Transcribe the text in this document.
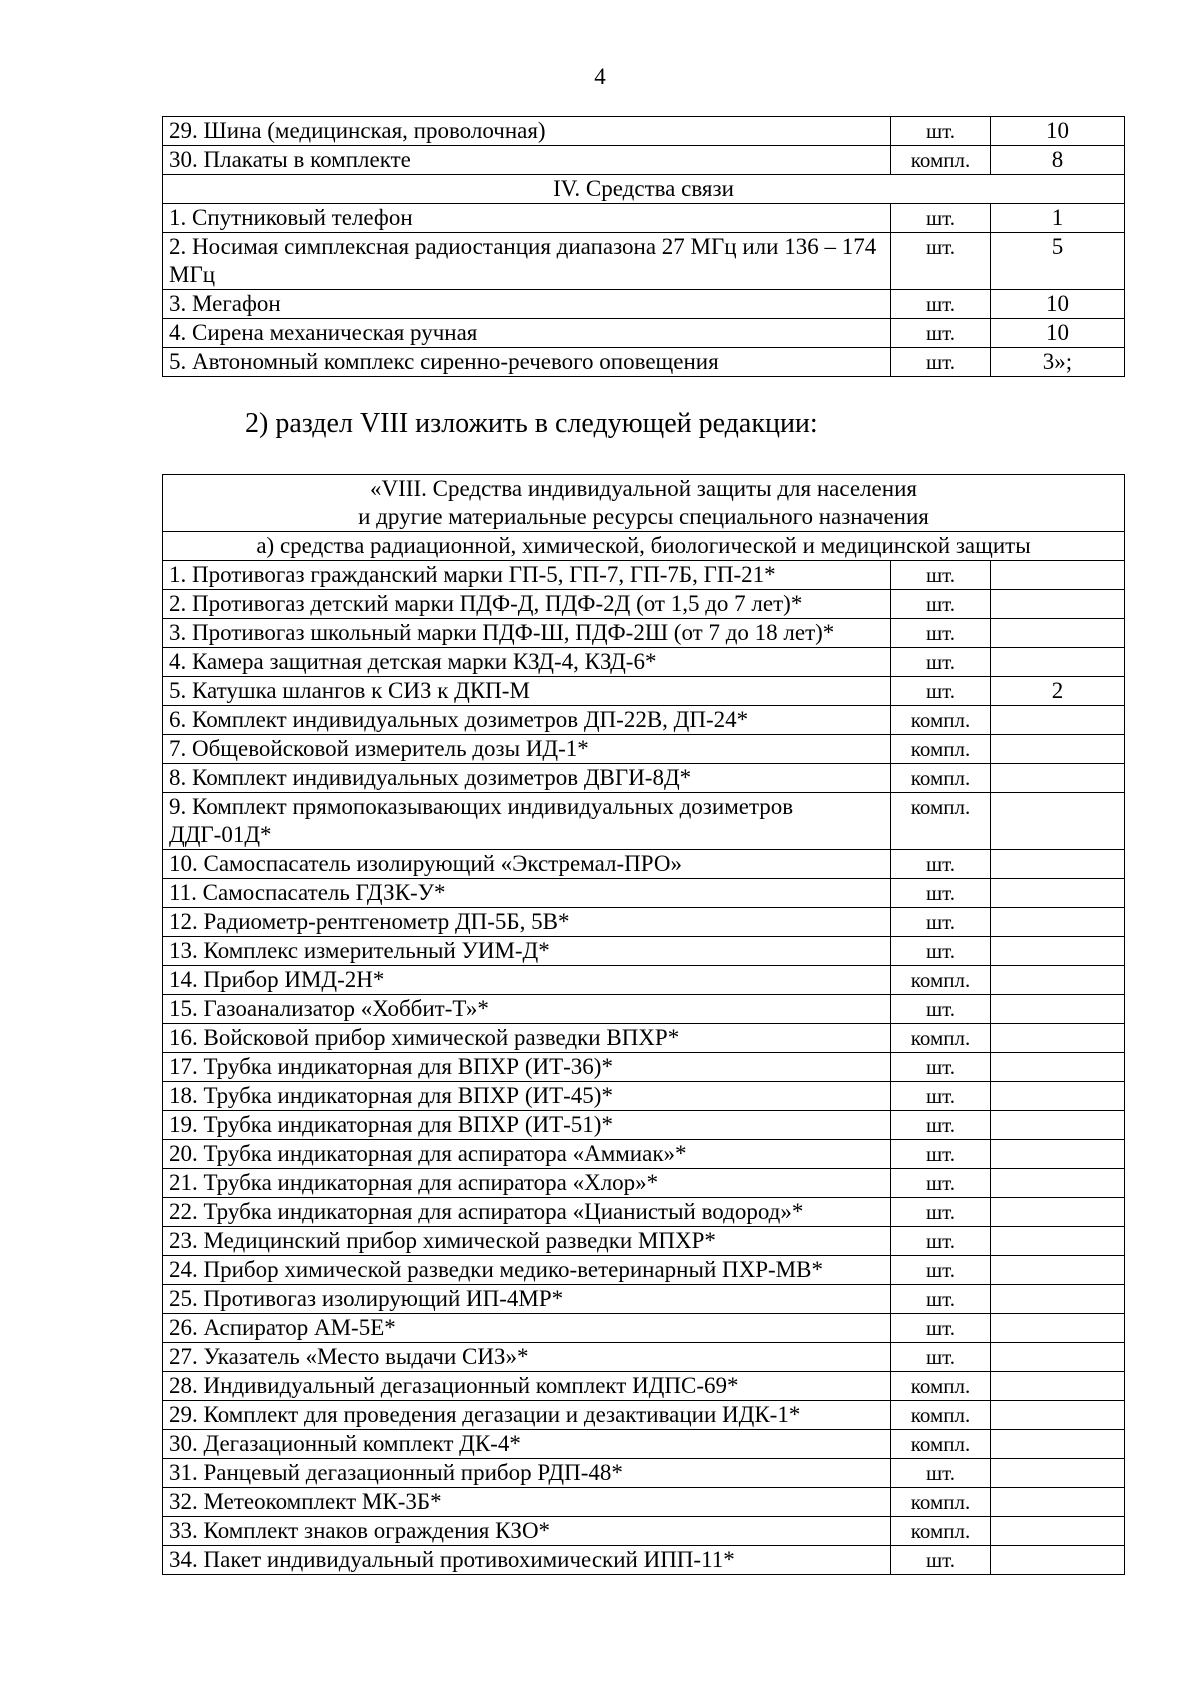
4
29. Шина (медицинская, проволочная)	шт.	10
30. Плакаты в комплекте	компл.	8
IV. Средства связи		
1. Спутниковый телефон	шт.	1
2. Носимая симплексная радиостанция диапазона 27 МГц или 136 – 174 МГц	шт.	5
3. Мегафон	шт.	10
4. Сирена механическая ручная	шт.	10
5. Автономный комплекс сиренно-речевого оповещения	шт.	3»;
2) раздел VIII изложить в следующей редакции:
«VIII. Средства индивидуальной защиты для населения
и другие материальные ресурсы специального назначения		
а) средства радиационной, химической, биологической и медицинской защиты		
1. Противогаз гражданский марки ГП-5, ГП-7, ГП-7Б, ГП-21*	шт.	
2. Противогаз детский марки ПДФ-Д, ПДФ-2Д (от 1,5 до 7 лет)*	шт.	
3. Противогаз школьный марки ПДФ-Ш, ПДФ-2Ш (от 7 до 18 лет)*	шт.	
4. Камера защитная детская марки КЗД-4, КЗД-6*	шт.	
5. Катушка шлангов к СИЗ к ДКП-М	шт.	2
6. Комплект индивидуальных дозиметров ДП-22В, ДП-24*	компл.	
7. Общевойсковой измеритель дозы ИД-1*	компл.	
8. Комплект индивидуальных дозиметров ДВГИ-8Д*	компл.	
9. Комплект прямопоказывающих индивидуальных дозиметров ДДГ-01Д*	компл.	
10. Самоспасатель изолирующий «Экстремал-ПРО»	шт.	
11. Самоспасатель ГДЗК-У*	шт.	
12. Радиометр-рентгенометр ДП-5Б, 5В*	шт.	
13. Комплекс измерительный УИМ-Д*	шт.	
14. Прибор ИМД-2Н*	компл.	
15. Газоанализатор «Хоббит-Т»*	шт.	
16. Войсковой прибор химической разведки ВПХР*	компл.	
17. Трубка индикаторная для ВПХР (ИТ-36)*	шт.	
18. Трубка индикаторная для ВПХР (ИТ-45)*	шт.	
19. Трубка индикаторная для ВПХР (ИТ-51)*	шт.	
20. Трубка индикаторная для аспиратора «Аммиак»*	шт.	
21. Трубка индикаторная для аспиратора «Хлор»*	шт.	
22. Трубка индикаторная для аспиратора «Цианистый водород»*	шт.	
23. Медицинский прибор химической разведки МПХР*	шт.	
24. Прибор химической разведки медико-ветеринарный ПХР-МВ*	шт.	
25. Противогаз изолирующий ИП-4МР*	шт.	
26. Аспиратор АМ-5Е*	шт.	
27. Указатель «Место выдачи СИЗ»*	шт.	
28. Индивидуальный дегазационный комплект ИДПС-69*	компл.	
29. Комплект для проведения дегазации и дезактивации ИДК-1*	компл.	
30. Дегазационный комплект ДК-4*	компл.	
31. Ранцевый дегазационный прибор РДП-48*	шт.	
32. Метеокомплект МК-3Б*	компл.	
33. Комплект знаков ограждения КЗО*	компл.	
34. Пакет индивидуальный противохимический ИПП-11*	шт.	
